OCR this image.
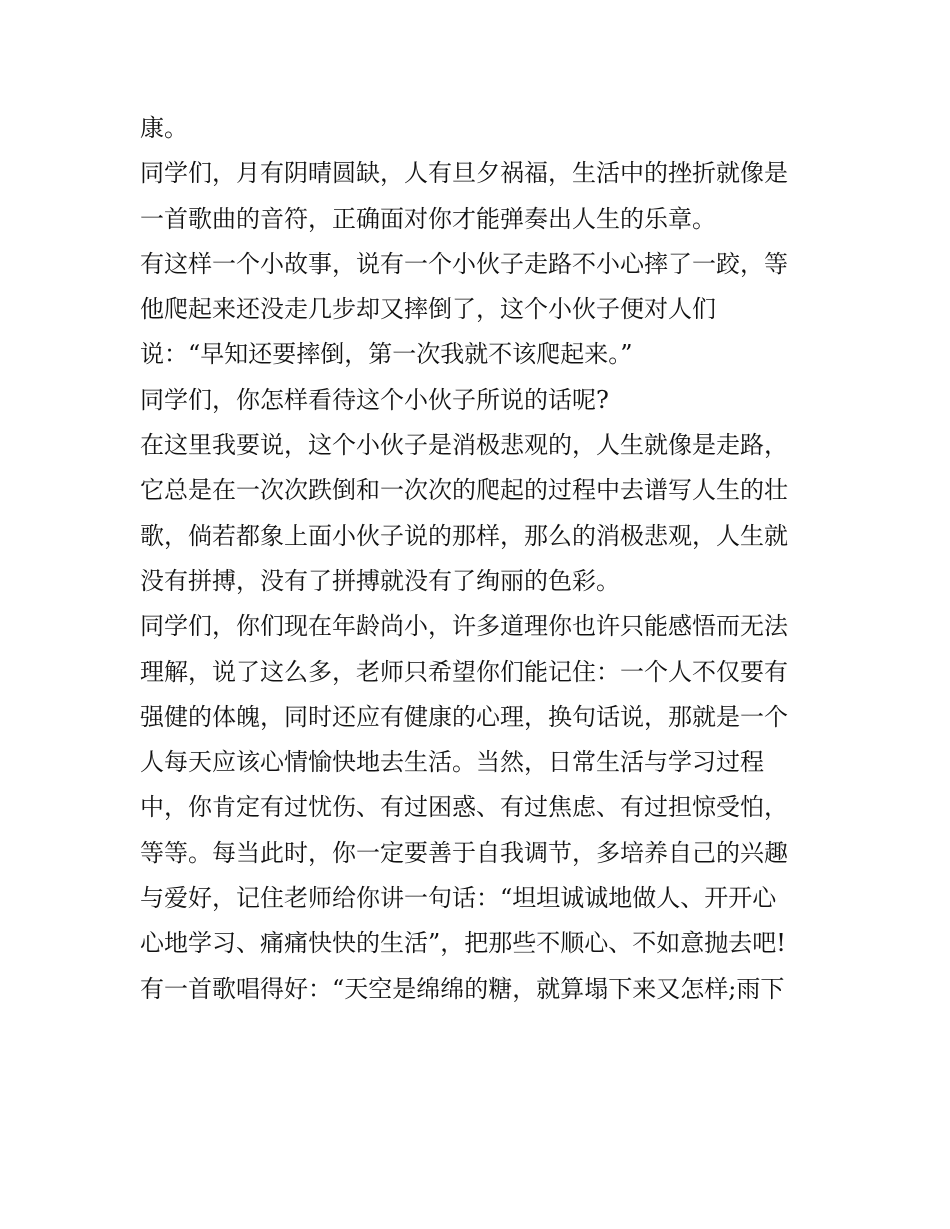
康。
同学们，月有阴晴圆缺，人有旦夕祸福，生活中的挫折就像是
一首歌曲的音符，正确面对你才能弹奏出人生的乐章。
有这样一个小故事，说有一个小伙子走路不小心摔了一跤，等
他爬起来还没走几步却又摔倒了，这个小伙子便对人们
说：“早知还要摔倒，第一次我就不该爬起来。”
同学们，你怎样看待这个小伙子所说的话呢?
在这里我要说，这个小伙子是消极悲观的，人生就像是走路，
它总是在一次次跌倒和一次次的爬起的过程中去谱写人生的壮
歌，倘若都象上面小伙子说的那样，那么的消极悲观，人生就
没有拼搏，没有了拼搏就没有了绚丽的色彩。
同学们，你们现在年龄尚小，许多道理你也许只能感悟而无法
理解，说了这么多，老师只希望你们能记住：一个人不仅要有
强健的体魄，同时还应有健康的心理，换句话说，那就是一个
人每天应该心情愉快地去生活。当然，日常生活与学习过程
中，你肯定有过忧伤、有过困惑、有过焦虑、有过担惊受怕，
等等。每当此时，你一定要善于自我调节，多培养自己的兴趣
与爱好，记住老师给你讲一句话：“坦坦诚诚地做人、开开心
心地学习、痛痛快快的生活”，把那些不顺心、不如意抛去吧!
有一首歌唱得好：“天空是绵绵的糖，就算塌下来又怎样;雨下
